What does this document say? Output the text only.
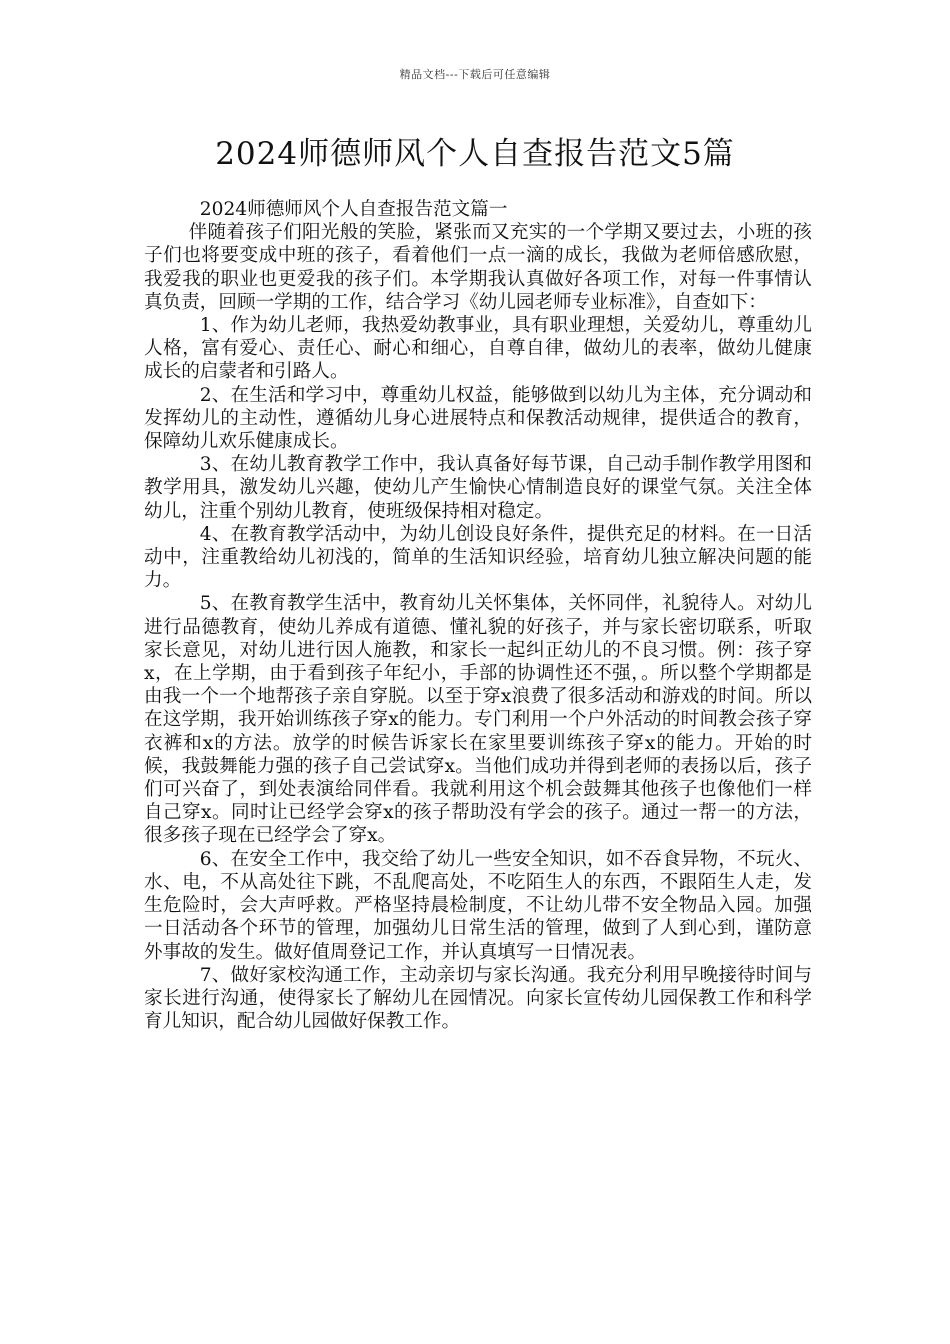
精品文档---下载后可任意编辑
2024师德师风个人自查报告范文5篇

2024师德师风个人自查报告范文篇一

伴随着孩子们阳光般的笑脸，紧张而又充实的一个学期又要过去，小班的孩子们也将要变成中班的孩子，看着他们一点一滴的成长，我做为老师倍感欣慰，我爱我的职业也更爱我的孩子们。本学期我认真做好各项工作，对每一件事情认真负责，回顾一学期的工作，结合学习《幼儿园老师专业标准》，自查如下：

1、作为幼儿老师，我热爱幼教事业，具有职业理想，关爱幼儿，尊重幼儿人格，富有爱心、责任心、耐心和细心，自尊自律，做幼儿的表率，做幼儿健康成长的启蒙者和引路人。

2、在生活和学习中，尊重幼儿权益，能够做到以幼儿为主体，充分调动和发挥幼儿的主动性，遵循幼儿身心进展特点和保教活动规律，提供适合的教育，保障幼儿欢乐健康成长。

3、在幼儿教育教学工作中，我认真备好每节课，自己动手制作教学用图和教学用具，激发幼儿兴趣，使幼儿产生愉快心情制造良好的课堂气氛。关注全体幼儿，注重个别幼儿教育，使班级保持相对稳定。

4、在教育教学活动中，为幼儿创设良好条件，提供充足的材料。在一日活动中，注重教给幼儿初浅的，简单的生活知识经验，培育幼儿独立解决问题的能力。

5、在教育教学生活中，教育幼儿关怀集体，关怀同伴，礼貌待人。对幼儿进行品德教育，使幼儿养成有道德、懂礼貌的好孩子，并与家长密切联系，听取家长意见，对幼儿进行因人施教，和家长一起纠正幼儿的不良习惯。例：孩子穿x，在上学期，由于看到孩子年纪小，手部的协调性还不强，。所以整个学期都是由我一个一个地帮孩子亲自穿脱。以至于穿x浪费了很多活动和游戏的时间。所以在这学期，我开始训练孩子穿x的能力。专门利用一个户外活动的时间教会孩子穿衣裤和x的方法。放学的时候告诉家长在家里要训练孩子穿x的能力。开始的时候，我鼓舞能力强的孩子自己尝试穿x。当他们成功并得到老师的表扬以后，孩子们可兴奋了，到处表演给同伴看。我就利用这个机会鼓舞其他孩子也像他们一样自己穿x。同时让已经学会穿x的孩子帮助没有学会的孩子。通过一帮一的方法，很多孩子现在已经学会了穿x。

6、在安全工作中，我交给了幼儿一些安全知识，如不吞食异物，不玩火、水、电，不从高处往下跳，不乱爬高处，不吃陌生人的东西，不跟陌生人走，发生危险时，会大声呼救。严格坚持晨检制度，不让幼儿带不安全物品入园。加强一日活动各个环节的管理，加强幼儿日常生活的管理，做到了人到心到，谨防意外事故的发生。做好值周登记工作，并认真填写一日情况表。

7、做好家校沟通工作，主动亲切与家长沟通。我充分利用早晚接待时间与家长进行沟通，使得家长了解幼儿在园情况。向家长宣传幼儿园保教工作和科学育儿知识，配合幼儿园做好保教工作。
